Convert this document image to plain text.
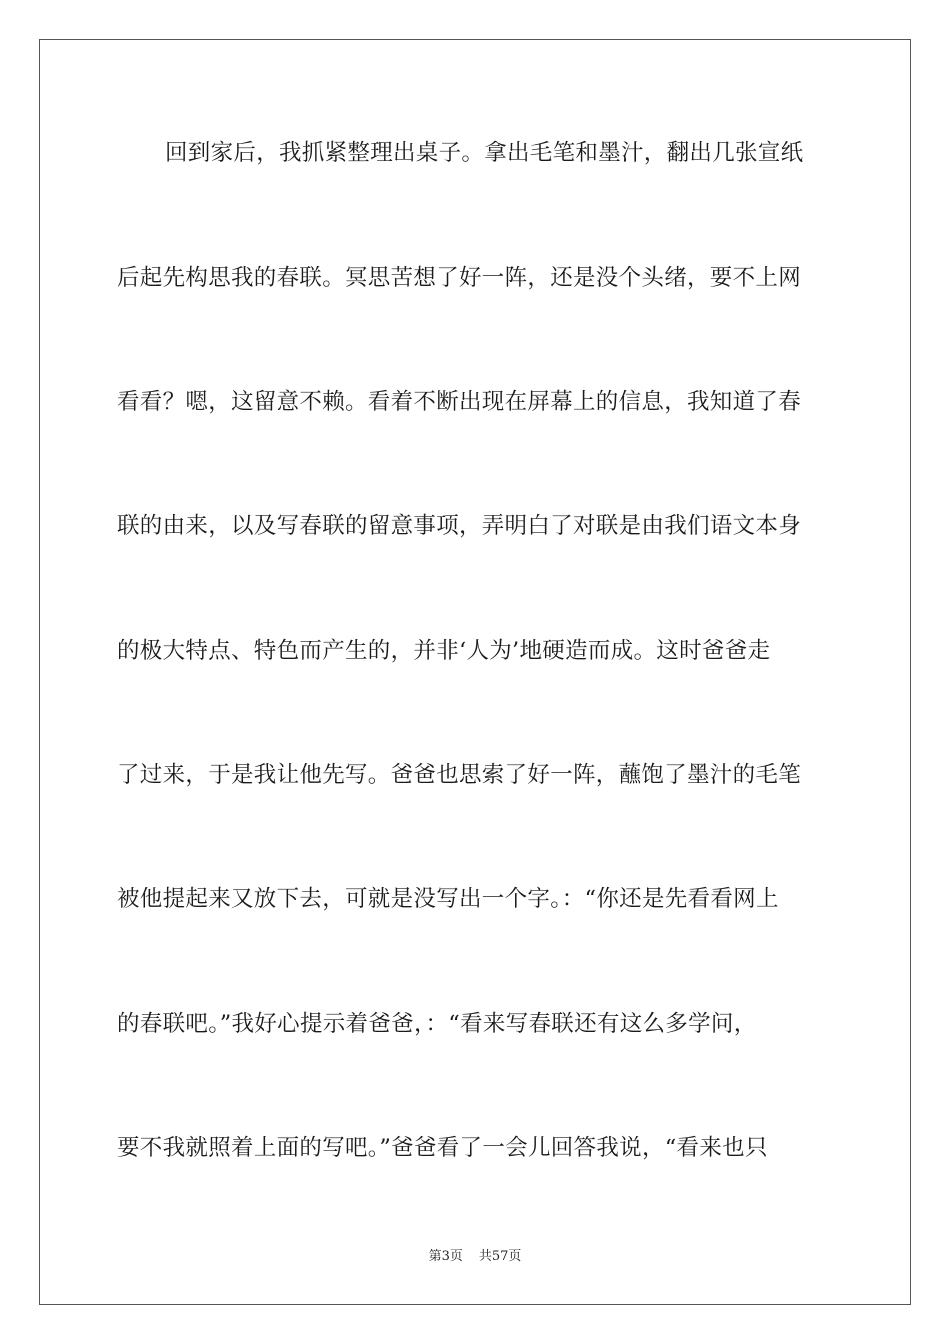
回到家后，我抓紧整理出桌子。拿出毛笔和墨汁，翻出几张宣纸
后起先构思我的春联。冥思苦想了好一阵，还是没个头绪，要不上网
看看？嗯，这留意不赖。看着不断出现在屏幕上的信息，我知道了春
联的由来，以及写春联的留意事项，弄明白了对联是由我们语文本身
的极大特点、特色而产生的，并非‘人为’地硬造而成。这时爸爸走
了过来，于是我让他先写。爸爸也思索了好一阵，蘸饱了墨汁的毛笔
被他提起来又放下去，可就是没写出一个字。：“你还是先看看网上
的春联吧。”我好心提示着爸爸，：“看来写春联还有这么多学问，
要不我就照着上面的写吧。”爸爸看了一会儿回答我说，“看来也只
第3页 共57页
